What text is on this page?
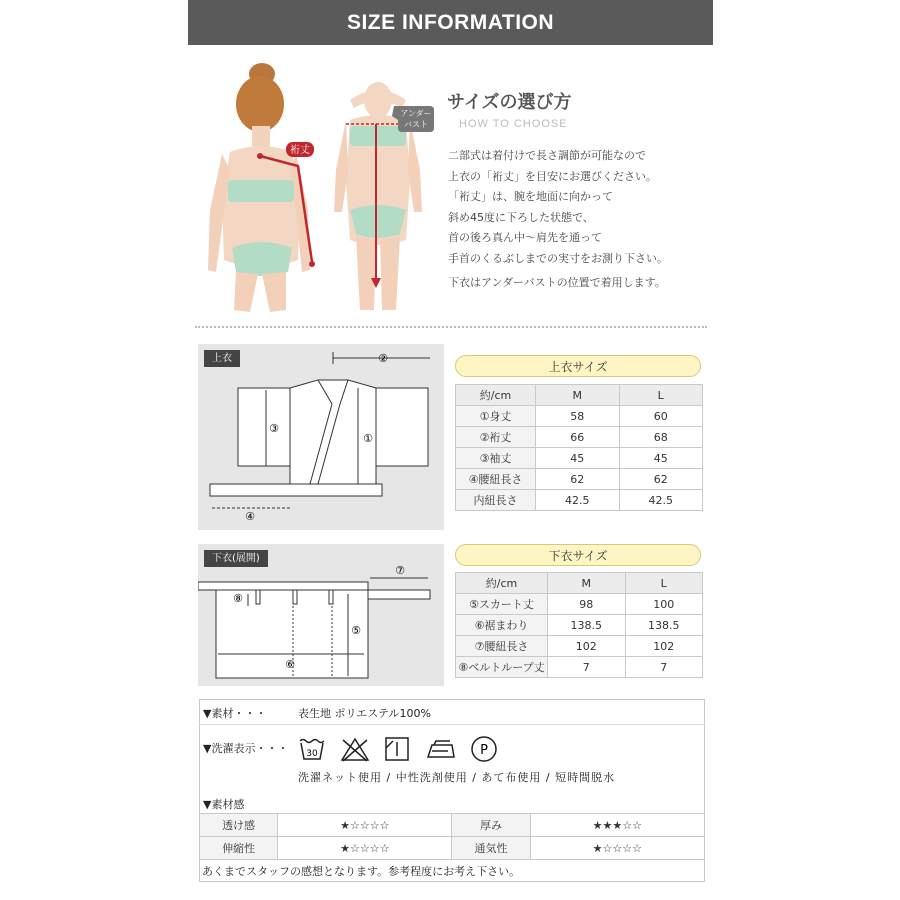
SIZE INFORMATION
裄丈
アンダー
バスト
サイズの選び方
HOW TO CHOOSE
二部式は着付けで長さ調節が可能なので
上衣の「裄丈」を目安にお選びください。
「裄丈」は、腕を地面に向かって
斜め45度に下ろした状態で、
首の後ろ真ん中〜肩先を通って
手首のくるぶしまでの実寸をお測り下さい。
下衣はアンダーバストの位置で着用します。
上衣	②
③
①
④
上衣サイズ
約/cm	M	L
①身丈	58	60
②裄丈	66	68
③袖丈	45	45
④腰紐長さ	62	62
内紐長さ	42.5	42.5
下衣(展開)
⑦
⑧
⑤
⑥
下衣サイズ
約/cm	M	L
⑤スカート丈	98	100
⑥裾まわり	138.5	138.5
⑦腰紐長さ	102	102
⑧ベルトループ丈	7	7
▼素材・・・	表生地 ポリエステル100%
▼洗濯表示・・・ 30	P
洗濯ネット使用 / 中性洗剤使用 / あて布使用 / 短時間脱水
▼素材感
透け感	★☆☆☆☆	厚み	★★★☆☆
伸縮性	★☆☆☆☆	通気性	★☆☆☆☆
あくまでスタッフの感想となります。参考程度にお考え下さい。
